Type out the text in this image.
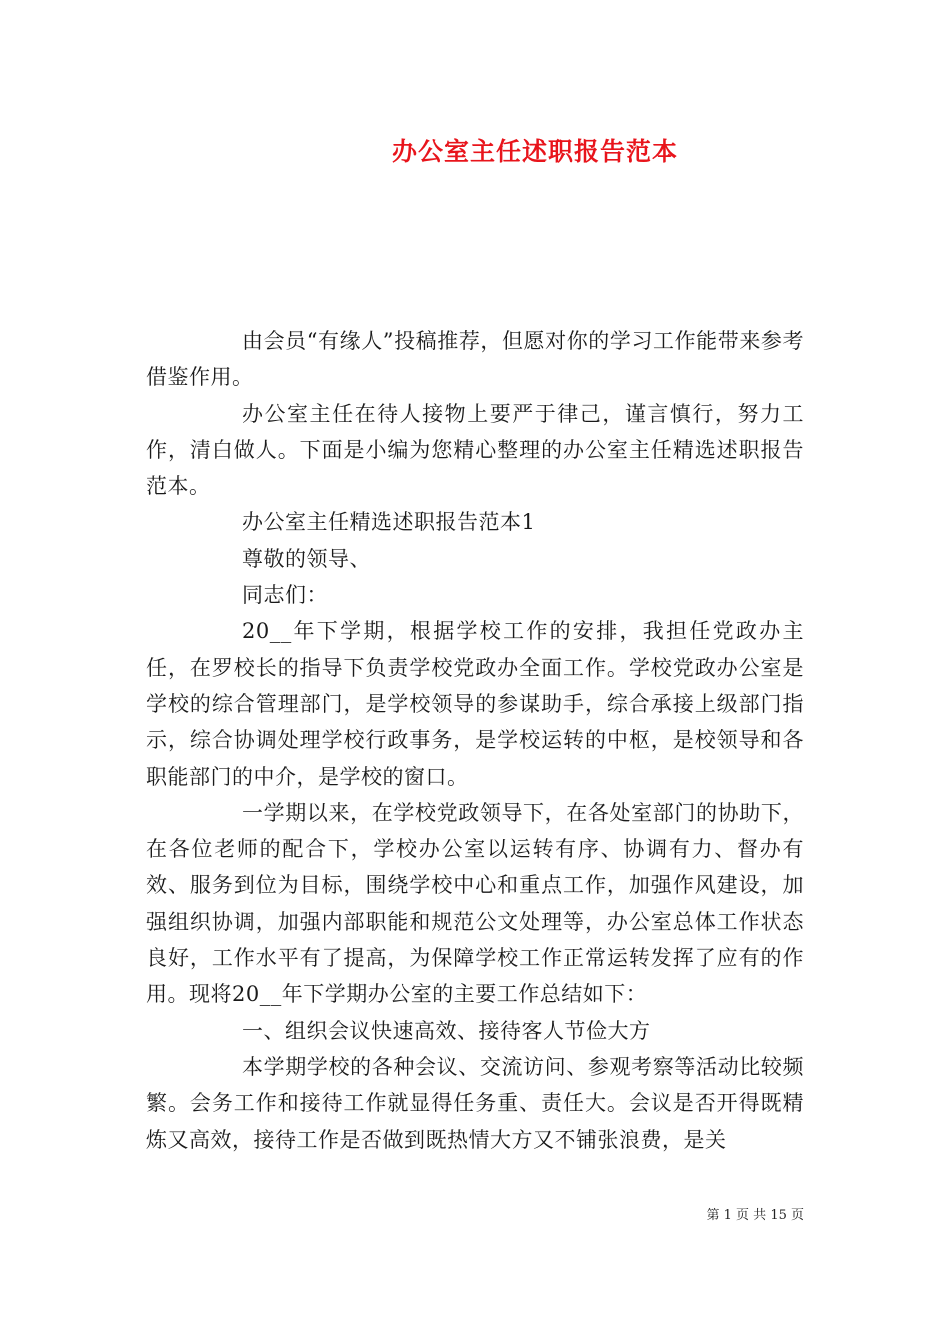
办公室主任述职报告范本

由会员“有缘人”投稿推荐，但愿对你的学习工作能带来参考借鉴作用。

办公室主任在待人接物上要严于律己，谨言慎行，努力工作，清白做人。下面是小编为您精心整理的办公室主任精选述职报告范本。

办公室主任精选述职报告范本1

尊敬的领导、

同志们：

20__年下学期，根据学校工作的安排，我担任党政办主任，在罗校长的指导下负责学校党政办全面工作。学校党政办公室是学校的综合管理部门，是学校领导的参谋助手，综合承接上级部门指示，综合协调处理学校行政事务，是学校运转的中枢，是校领导和各职能部门的中介，是学校的窗口。

一学期以来，在学校党政领导下，在各处室部门的协助下，在各位老师的配合下，学校办公室以运转有序、协调有力、督办有效、服务到位为目标，围绕学校中心和重点工作，加强作风建设，加强组织协调，加强内部职能和规范公文处理等，办公室总体工作状态良好，工作水平有了提高，为保障学校工作正常运转发挥了应有的作用。现将20__年下学期办公室的主要工作总结如下：

一、组织会议快速高效、接待客人节俭大方

本学期学校的各种会议、交流访问、参观考察等活动比较频繁。会务工作和接待工作就显得任务重、责任大。会议是否开得既精炼又高效，接待工作是否做到既热情大方又不铺张浪费，是关

第 1 页 共 15 页
